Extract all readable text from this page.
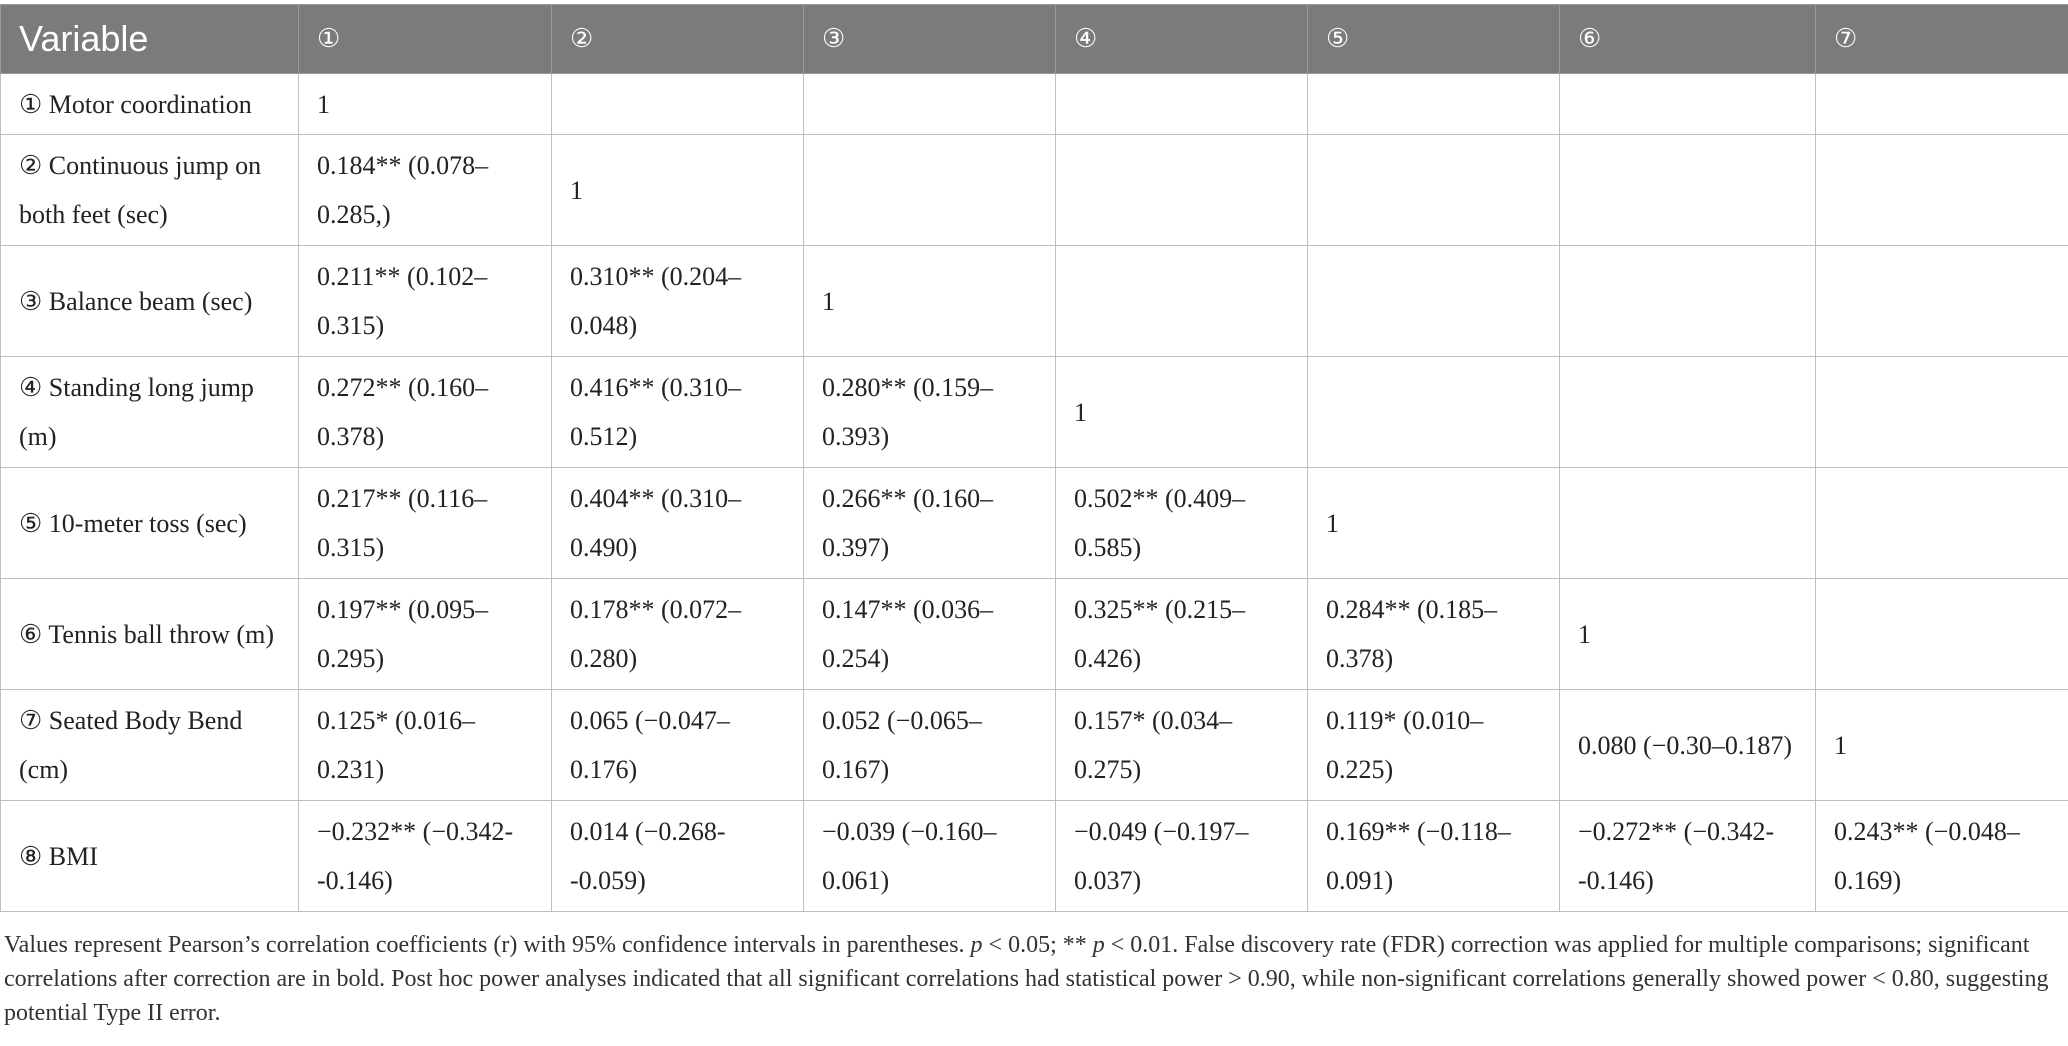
Variable	①	②	③	④	⑤	⑥	⑦
① Motor coordination	1						
② Continuous jump on both feet (sec)	0.184** (0.078–0.285,)	1					
③ Balance beam (sec)	0.211** (0.102–0.315)	0.310** (0.204–0.048)	1				
④ Standing long jump (m)	0.272** (0.160–0.378)	0.416** (0.310–0.512)	0.280** (0.159–0.393)	1			
⑤ 10-meter toss (sec)	0.217** (0.116–0.315)	0.404** (0.310–0.490)	0.266** (0.160–0.397)	0.502** (0.409–0.585)	1		
⑥ Tennis ball throw (m)	0.197** (0.095–0.295)	0.178** (0.072–0.280)	0.147** (0.036–0.254)	0.325** (0.215–0.426)	0.284** (0.185–0.378)	1	
⑦ Seated Body Bend (cm)	0.125* (0.016–0.231)	0.065 (−0.047–0.176)	0.052 (−0.065–0.167)	0.157* (0.034–0.275)	0.119* (0.010–0.225)	0.080 (−0.30–0.187)	1
⑧ BMI	−0.232** (−0.342--0.146)	0.014 (−0.268--0.059)	−0.039 (−0.160–0.061)	−0.049 (−0.197–0.037)	0.169** (−0.118–0.091)	−0.272** (−0.342--0.146)	0.243** (−0.048–0.169)
Values represent Pearson’s correlation coefficients (r) with 95% confidence intervals in parentheses. p < 0.05; ** p < 0.01. False discovery rate (FDR) correction was applied for multiple comparisons; significant correlations after correction are in bold. Post hoc power analyses indicated that all significant correlations had statistical power > 0.90, while non-significant correlations generally showed power < 0.80, suggesting potential Type II error.
